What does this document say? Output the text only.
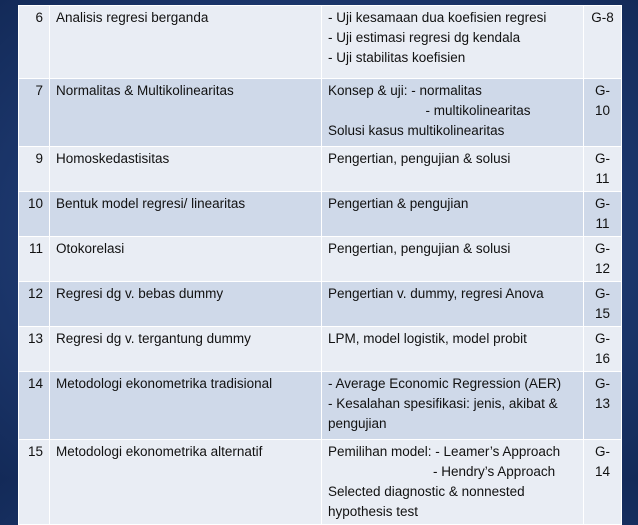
6	Analisis regresi berganda	- Uji kesamaan dua koefisien regresi
- Uji estimasi regresi dg kendala
- Uji stabilitas koefisien	G-8
7	Normalitas & Multikolinearitas	Konsep & uji: - normalitas
- multikolinearitas
Solusi kasus multikolinearitas	G-10
9	Homoskedastisitas	Pengertian, pengujian & solusi	G-11
10	Bentuk model regresi/ linearitas	Pengertian & pengujian	G-11
11	Otokorelasi	Pengertian, pengujian & solusi	G-12
12	Regresi dg v. bebas dummy	Pengertian v. dummy, regresi Anova	G-15
13	Regresi dg v. tergantung dummy	LPM, model logistik, model probit	G-16
14	Metodologi ekonometrika tradisional	- Average Economic Regression (AER)
- Kesalahan spesifikasi: jenis, akibat &
pengujian	G-13
15	Metodologi ekonometrika alternatif	Pemilihan model: - Leamer’s Approach
- Hendry’s Approach
Selected diagnostic & nonnested
hypothesis test	G-14
